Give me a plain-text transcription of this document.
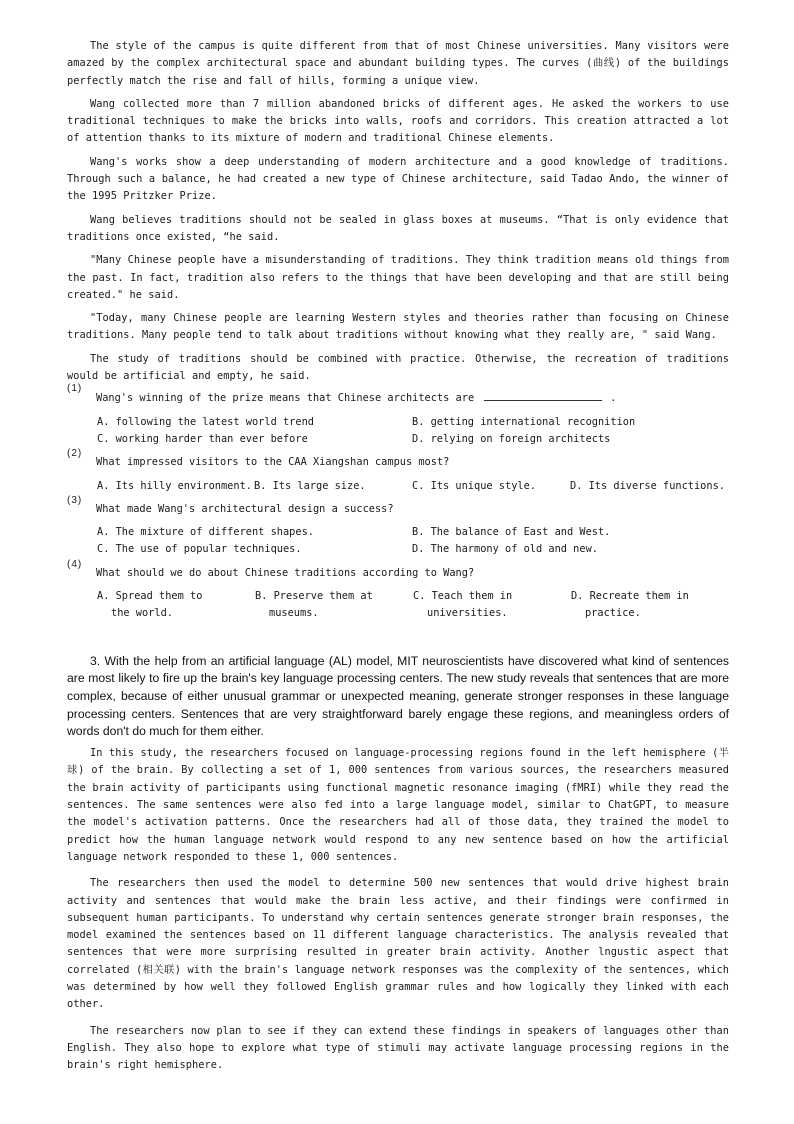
The style of the campus is quite different from that of most Chinese universities. Many visitors were amazed by the complex architectural space and abundant building types. The curves (曲线) of the buildings perfectly match the rise and fall of hills, forming a unique view.

Wang collected more than 7 million abandoned bricks of different ages. He asked the workers to use traditional techniques to make the bricks into walls, roofs and corridors. This creation attracted a lot of attention thanks to its mixture of modern and traditional Chinese elements.

Wang's works show a deep understanding of modern architecture and a good knowledge of traditions. Through such a balance, he had created a new type of Chinese architecture, said Tadao Ando, the winner of the 1995 Pritzker Prize.

Wang believes traditions should not be sealed in glass boxes at museums. “That is only evidence that traditions once existed, “he said.

"Many Chinese people have a misunderstanding of traditions. They think tradition means old things from the past. In fact, tradition also refers to the things that have been developing and that are still being created." he said.

"Today, many Chinese people are learning Western styles and theories rather than focusing on Chinese traditions. Many people tend to talk about traditions without knowing what they really are, " said Wang.

The study of traditions should be combined with practice. Otherwise, the recreation of traditions would be artificial and empty, he said.

(1)
Wang's winning of the prize means that Chinese architects are	.
A. following the latest world trend	B. getting international recognition
C. working harder than ever before	D. relying on foreign architects
(2)
What impressed visitors to the CAA Xiangshan campus most?
A. Its hilly environment. B. Its large size.	C. Its unique style.	D. Its diverse functions.
(3)
What made Wang's architectural design a success?
A. The mixture of different shapes.	B. The balance of East and West.
C. The use of popular techniques.	D. The harmony of old and new.
(4)
What should we do about Chinese traditions according to Wang?
A. Spread them to the world.
B. Preserve them at museums.
C. Teach them in universities.
D. Recreate them in practice.

3. With the help from an artificial language (AL) model, MIT neuroscientists have discovered what kind of sentences are most likely to fire up the brain's key language processing centers. The new study reveals that sentences that are more complex, because of either unusual grammar or unexpected meaning, generate stronger responses in these language processing centers. Sentences that are very straightforward barely engage these regions, and meaningless orders of words don't do much for them either.

In this study, the researchers focused on language-processing regions found in the left hemisphere (半球) of the brain. By collecting a set of 1, 000 sentences from various sources, the researchers measured the brain activity of participants using functional magnetic resonance imaging (fMRI) while they read the sentences. The same sentences were also fed into a large language model, similar to ChatGPT, to measure the model's activation patterns. Once the researchers had all of those data, they trained the model to predict how the human language network would respond to any new sentence based on how the artificial language network responded to these 1, 000 sentences.

The researchers then used the model to determine 500 new sentences that would drive highest brain activity and sentences that would make the brain less active, and their findings were confirmed in subsequent human participants. To understand why certain sentences generate stronger brain responses, the model examined the sentences based on 11 different language characteristics. The analysis revealed that sentences that were more surprising resulted in greater brain activity. Another lngustic aspect that correlated (相关联) with the brain's language network responses was the complexity of the sentences, which was determined by how well they followed English grammar rules and how logically they linked with each other.

The researchers now plan to see if they can extend these findings in speakers of languages other than English. They also hope to explore what type of stimuli may activate language processing regions in the brain's right hemisphere.
